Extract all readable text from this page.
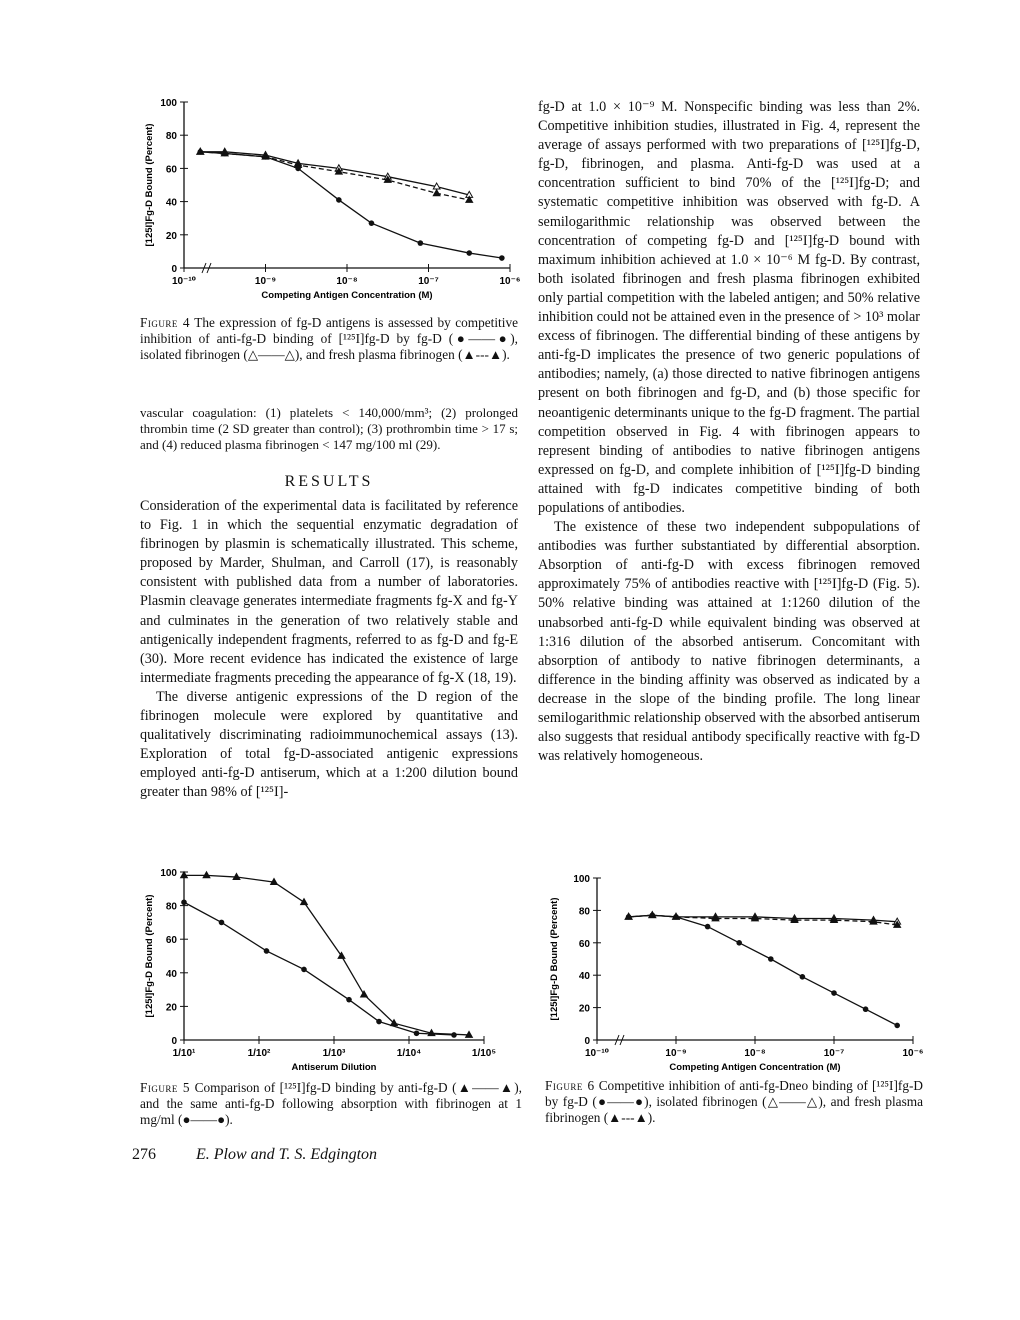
0
20
40
60
80
100
10⁻¹⁰	10⁻⁹	10⁻⁸	10⁻⁷	10⁻⁶
Competing Antigen Concentration (M)
[125I]Fg-D Bound (Percent)
Figure 4 The expression of fg-D antigens is assessed by competitive inhibition of anti-fg-D binding of [¹²⁵I]fg-D by fg-D (●——●), isolated fibrinogen (△——△), and fresh plasma fibrinogen (▲---▲).
vascular coagulation: (1) platelets < 140,000/mm³; (2) prolonged thrombin time (2 SD greater than control); (3) prothrombin time > 17 s; and (4) reduced plasma fibrinogen < 147 mg/100 ml (29).
RESULTS

Consideration of the experimental data is facilitated by reference to Fig. 1 in which the sequential enzymatic degradation of fibrinogen by plasmin is schematically illustrated. This scheme, proposed by Marder, Shulman, and Carroll (17), is reasonably consistent with published data from a number of laboratories. Plasmin cleavage generates intermediate fragments fg-X and fg-Y and culminates in the generation of two relatively stable and antigenically independent fragments, referred to as fg-D and fg-E (30). More recent evidence has indicated the existence of large intermediate fragments preceding the appearance of fg-X (18, 19).

The diverse antigenic expressions of the D region of the fibrinogen molecule were explored by quantitative and qualitatively discriminating radioimmunochemical assays (13). Exploration of total fg-D-associated antigenic expressions employed anti-fg-D antiserum, which at a 1:200 dilution bound greater than 98% of [¹²⁵I]-

fg-D at 1.0 × 10⁻⁹ M. Nonspecific binding was less than 2%. Competitive inhibition studies, illustrated in Fig. 4, represent the average of assays performed with two preparations of [¹²⁵I]fg-D, fg-D, fibrinogen, and plasma. Anti-fg-D was used at a concentration sufficient to bind 70% of the [¹²⁵I]fg-D; and systematic competitive inhibition was observed with fg-D. A semilogarithmic relationship was observed between the concentration of competing fg-D and [¹²⁵I]fg-D bound with maximum inhibition achieved at 1.0 × 10⁻⁶ M fg-D. By contrast, both isolated fibrinogen and fresh plasma fibrinogen exhibited only partial competition with the labeled antigen; and 50% relative inhibition could not be attained even in the presence of > 10³ molar excess of fibrinogen. The differential binding of these antigens by anti-fg-D implicates the presence of two generic populations of antibodies; namely, (a) those directed to native fibrinogen antigens present on both fibrinogen and fg-D, and (b) those specific for neoantigenic determinants unique to the fg-D fragment. The partial competition observed in Fig. 4 with fibrinogen appears to represent binding of antibodies to native fibrinogen antigens expressed on fg-D, and complete inhibition of [¹²⁵I]fg-D binding attained with fg-D indicates competitive binding of both populations of antibodies.

The existence of these two independent subpopulations of antibodies was further substantiated by differential absorption. Absorption of anti-fg-D with excess fibrinogen removed approximately 75% of antibodies reactive with [¹²⁵I]fg-D (Fig. 5). 50% relative binding was attained at 1:1260 dilution of the unabsorbed anti-fg-D while equivalent binding was observed at 1:316 dilution of the absorbed antiserum. Concomitant with absorption of antibody to native fibrinogen determinants, a difference in the binding affinity was observed as indicated by a decrease in the slope of the binding profile. The long linear semilogarithmic relationship observed with the absorbed antiserum also suggests that residual antibody specifically reactive with fg-D was relatively homogeneous.

0
20
40
60
80
100
1/10¹	1/10²	1/10³	1/10⁴	1/10⁵
Antiserum Dilution
[125I]Fg-D Bound (Percent)
Figure 5 Comparison of [¹²⁵I]fg-D binding by anti-fg-D (▲——▲), and the same anti-fg-D following absorption with fibrinogen at 1 mg/ml (●——●).
0
20
40
60
80
100
10⁻¹⁰	10⁻⁹	10⁻⁸	10⁻⁷	10⁻⁶
Competing Antigen Concentration (M)
[125I]Fg-D Bound (Percent)
Figure 6 Competitive inhibition of anti-fg-Dneo binding of [¹²⁵I]fg-D by fg-D (●——●), isolated fibrinogen (△——△), and fresh plasma fibrinogen (▲---▲).
276	E. Plow and T. S. Edgington
